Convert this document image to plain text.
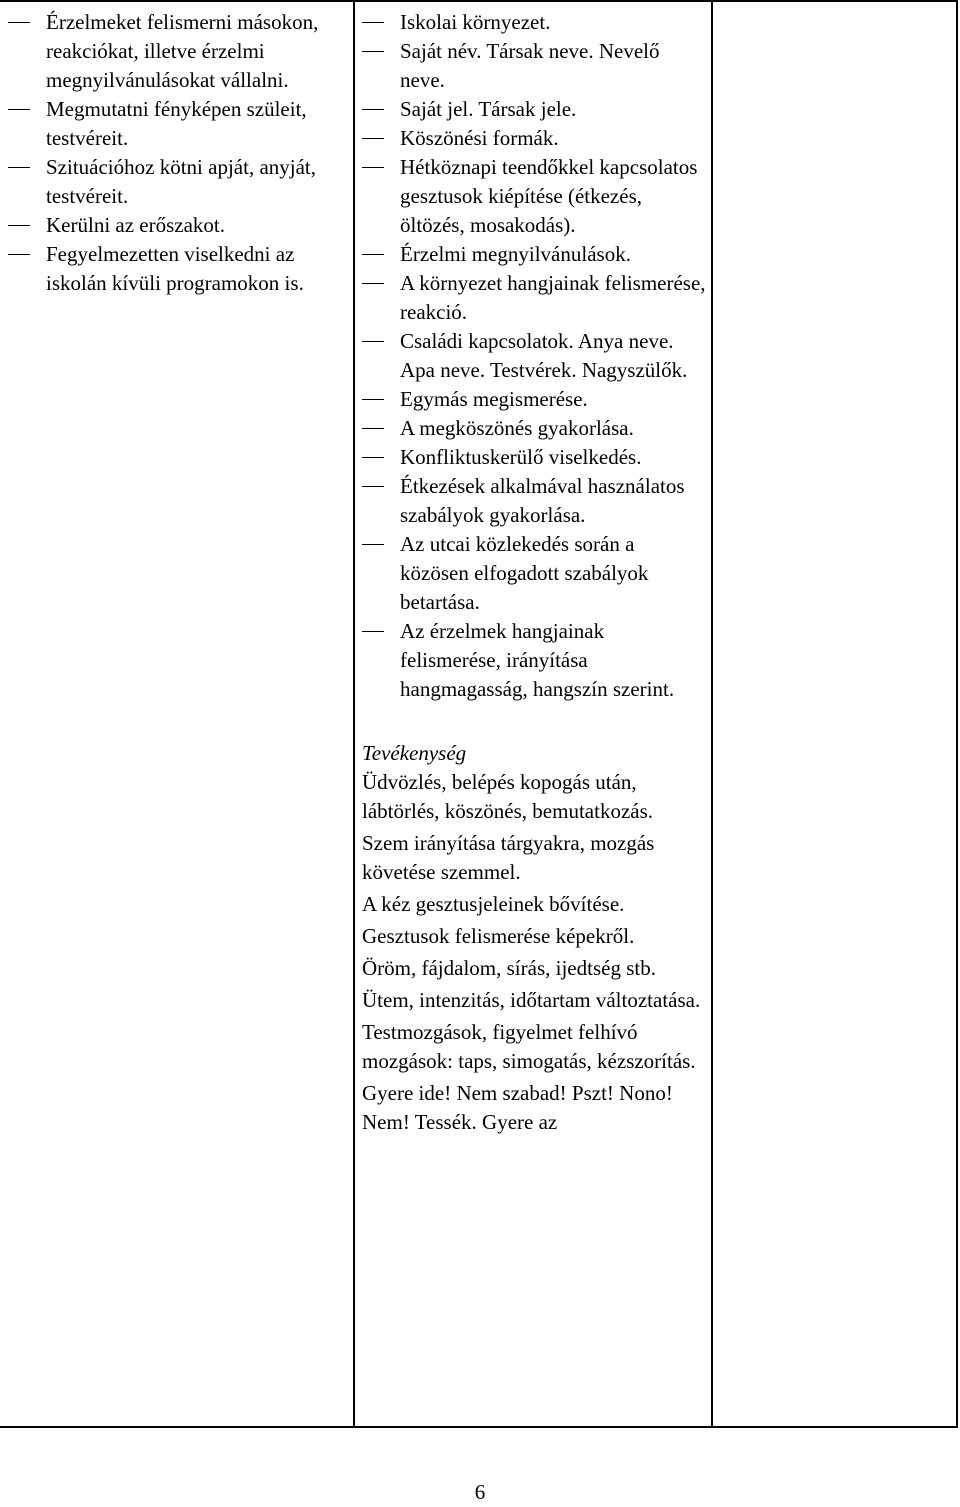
Érzelmeket felismerni másokon, reakciókat, illetve érzelmi megnyilvánulásokat vállalni.
Megmutatni fényképen szüleit, testvéreit.
Szituációhoz kötni apját, anyját, testvéreit.
Kerülni az erőszakot.
Fegyelmezetten viselkedni az iskolán kívüli programokon is.
Iskolai környezet.
Saját név. Társak neve. Nevelő neve.
Saját jel. Társak jele.
Köszönési formák.
Hétköznapi teendőkkel kapcsolatos gesztusok kiépítése (étkezés, öltözés, mosakodás).
Érzelmi megnyilvánulások.
A környezet hangjainak felismerése, reakció.
Családi kapcsolatok. Anya neve. Apa neve. Testvérek. Nagyszülők.
Egymás megismerése.
A megköszönés gyakorlása.
Konfliktuskerülő viselkedés.
Étkezések alkalmával használatos szabályok gyakorlása.
Az utcai közlekedés során a közösen elfogadott szabályok betartása.
Az érzelmek hangjainak felismerése, irányítása hangmagasság, hangszín szerint.
Tevékenység

Üdvözlés, belépés kopogás után, lábtörlés, köszönés, bemutatkozás.

Szem irányítása tárgyakra, mozgás követése szemmel.

A kéz gesztusjeleinek bővítése.

Gesztusok felismerése képekről.

Öröm, fájdalom, sírás, ijedtség stb.

Ütem, intenzitás, időtartam változtatása.

Testmozgások, figyelmet felhívó mozgások: taps, simogatás, kézszorítás.

Gyere ide! Nem szabad! Pszt! Nono! Nem! Tessék. Gyere az

6
